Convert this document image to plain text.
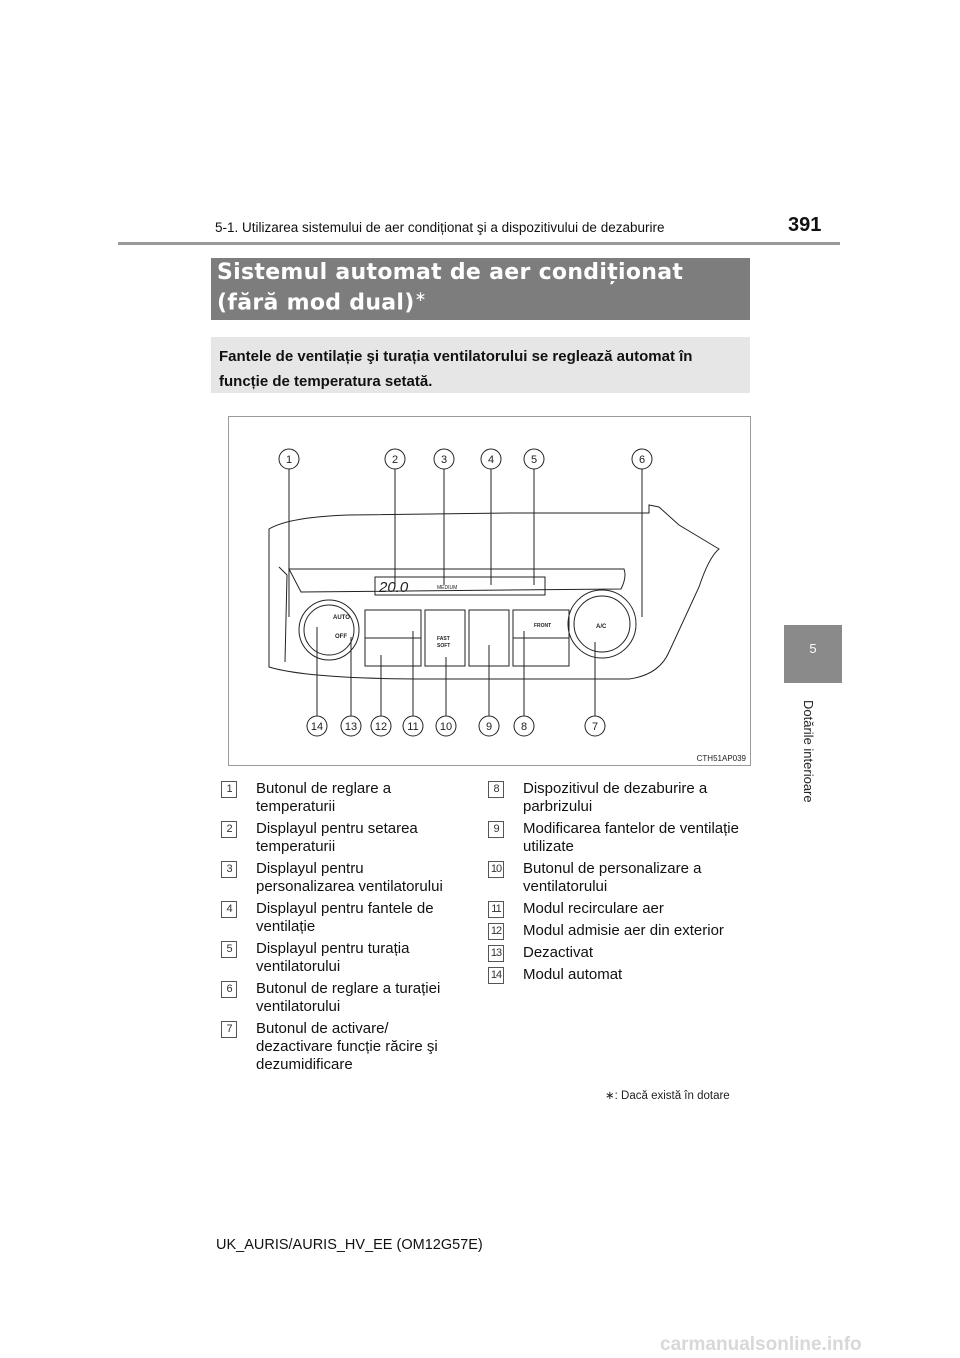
5-1. Utilizarea sistemului de aer condiționat şi a dispozitivului de dezaburire	391
5
Dotările interioare
Sistemul automat de aer condiționat
(fără mod dual)∗

Fantele de ventilație şi turația ventilatorului se reglează automat în funcție de temperatura setată.

20.0	MEDIUM
AUTO
OFF	FAST
SOFT
FRONT	A/C
1	2	3	4	5	6
14 13 12 11 10	9	8	7
CTH51AP039
1	Butonul de reglare a temperaturii
2	Displayul pentru setarea temperaturii
3	Displayul pentru personalizarea ventilatorului
4	Displayul pentru fantele de ventilație
5	Displayul pentru turația ventilatorului
6	Butonul de reglare a turației ventilatorului
7	Butonul de activare/ dezactivare funcție răcire şi dezumidificare
8	Dispozitivul de dezaburire a parbrizului
9	Modificarea fantelor de ventilație utilizate
10 Butonul de personalizare a ventilatorului
11 Modul recirculare aer
12 Modul admisie aer din exterior
13 Dezactivat
14 Modul automat
∗: Dacă există în dotare
UK_AURIS/AURIS_HV_EE (OM12G57E)
carmanualsonline.info
